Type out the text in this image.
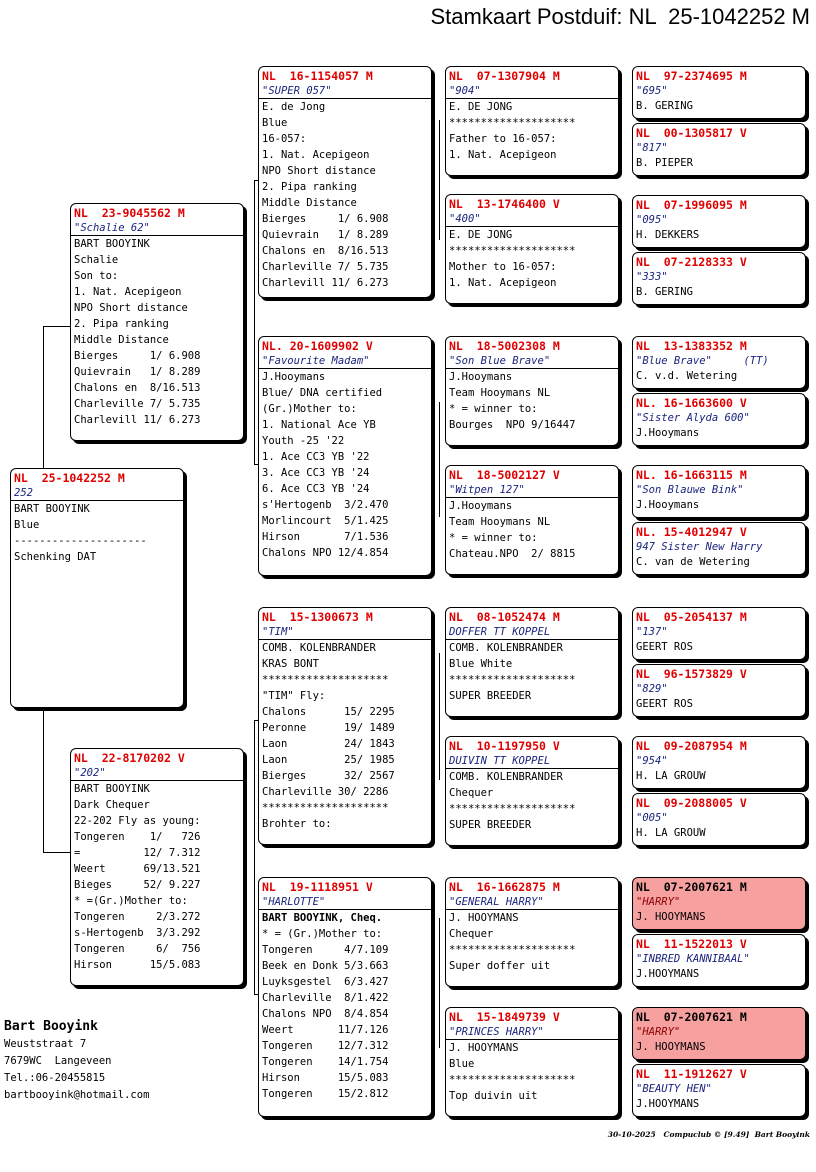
Stamkaart Postduif: NL  25-1042252 M
NL  25-1042252 M
252
BART BOOYINK
Blue
---------------------
Schenking DAT
NL  23-9045562 M
"Schalie 62"
BART BOOYINK
Schalie
Son to:
1. Nat. Acepigeon
NPO Short distance
2. Pipa ranking
Middle Distance
Bierges     1/ 6.908
Quievrain   1/ 8.289
Chalons en  8/16.513
Charleville 7/ 5.735
Charlevill 11/ 6.273
NL  22-8170202 V
"202"
BART BOOYINK
Dark Chequer
22-202 Fly as young:
Tongeren    1/   726
=          12/ 7.312
Weert      69/13.521
Bieges     52/ 9.227
* =(Gr.)Mother to:
Tongeren     2/3.272
s-Hertogenb  3/3.292
Tongeren     6/  756
Hirson      15/5.083
NL  16-1154057 M
"SUPER 057"
E. de Jong
Blue
16-057:
1. Nat. Acepigeon
NPO Short distance
2. Pipa ranking
Middle Distance
Bierges     1/ 6.908
Quievrain   1/ 8.289
Chalons en  8/16.513
Charleville 7/ 5.735
Charlevill 11/ 6.273
NL. 20-1609902 V
"Favourite Madam"
J.Hooymans
Blue/ DNA certified
(Gr.)Mother to:
1. National Ace YB
Youth -25 '22
1. Ace CC3 YB '22
3. Ace CC3 YB '24
6. Ace CC3 YB '24
s'Hertogenb  3/2.470
Morlincourt  5/1.425
Hirson       7/1.536
Chalons NPO 12/4.854
NL  15-1300673 M
"TIM"
COMB. KOLENBRANDER
KRAS BONT
********************
"TIM" Fly:
Chalons      15/ 2295
Peronne      19/ 1489
Laon         24/ 1843
Laon         25/ 1985
Bierges      32/ 2567
Charleville 30/ 2286
********************
Brohter to:
NL  19-1118951 V
"HARLOTTE"
BART BOOYINK, Cheq.
* = (Gr.)Mother to:
Tongeren     4/7.109
Beek en Donk 5/3.663
Luyksgestel  6/3.427
Charleville  8/1.422
Chalons NPO  8/4.854
Weert       11/7.126
Tongeren    12/7.312
Tongeren    14/1.754
Hirson      15/5.083
Tongeren    15/2.812
NL  07-1307904 M
"904"
E. DE JONG
********************
Father to 16-057:
1. Nat. Acepigeon
NL  13-1746400 V
"400"
E. DE JONG
********************
Mother to 16-057:
1. Nat. Acepigeon
NL  18-5002308 M
"Son Blue Brave"
J.Hooymans
Team Hooymans NL
* = winner to:
Bourges  NPO 9/16447
NL  18-5002127 V
"Witpen 127"
J.Hooymans
Team Hooymans NL
* = winner to:
Chateau.NPO  2/ 8815
NL  08-1052474 M
DOFFER TT KOPPEL
COMB. KOLENBRANDER
Blue White
********************
SUPER BREEDER
NL  10-1197950 V
DUIVIN TT KOPPEL
COMB. KOLENBRANDER
Chequer
********************
SUPER BREEDER
NL  16-1662875 M
"GENERAL HARRY"
J. HOOYMANS
Chequer
********************
Super doffer uit
NL  15-1849739 V
"PRINCES HARRY"
J. HOOYMANS
Blue
********************
Top duivin uit
NL  97-2374695 M
"695"
B. GERING
NL  00-1305817 V
"817"
B. PIEPER
NL  07-1996095 M
"095"
H. DEKKERS
NL  07-2128333 V
"333"
B. GERING
NL  13-1383352 M
"Blue Brave"     (TT)
C. v.d. Wetering
NL. 16-1663600 V
"Sister Alyda 600"
J.Hooymans
NL. 16-1663115 M
"Son Blauwe Bink"
J.Hooymans
NL. 15-4012947 V
947 Sister New Harry
C. van de Wetering
NL  05-2054137 M
"137"
GEERT ROS
NL  96-1573829 V
"829"
GEERT ROS
NL  09-2087954 M
"954"
H. LA GROUW
NL  09-2088005 V
"005"
H. LA GROUW
NL  07-2007621 M
"HARRY"
J. HOOYMANS
NL  11-1522013 V
"INBRED KANNIBAAL"
J.HOOYMANS
NL  07-2007621 M
"HARRY"
J. HOOYMANS
NL  11-1912627 V
"BEAUTY HEN"
J.HOOYMANS
Bart Booyink
Weuststraat 7
7679WC  Langeveen
Tel.:06-20455815
bartbooyink@hotmail.com
30-10-2025   Compuclub © [9.49]  Bart Booyink
